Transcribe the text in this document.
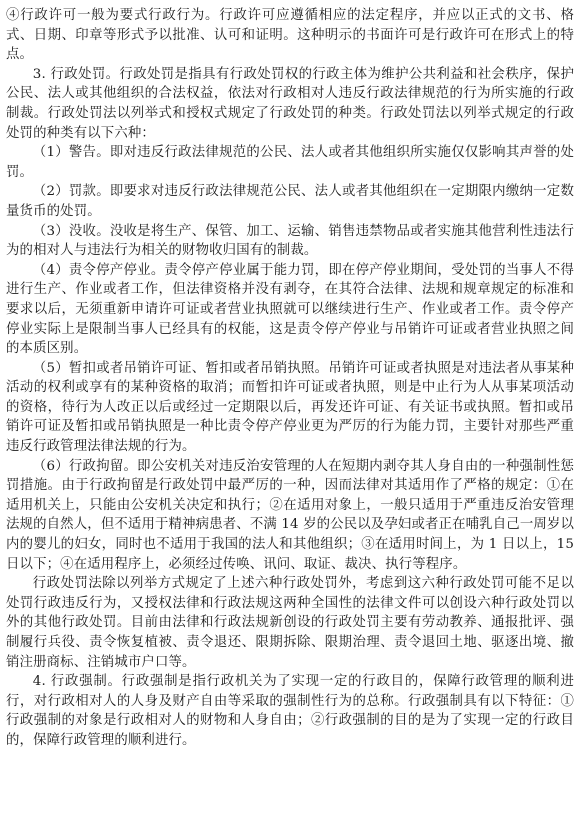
④行政许可一般为要式行政行为。行政许可应遵循相应的法定程序，并应以正式的文书、格式、日期、印章等形式予以批准、认可和证明。这种明示的书面许可是行政许可在形式上的特点。

3. 行政处罚。行政处罚是指具有行政处罚权的行政主体为维护公共利益和社会秩序，保护公民、法人或其他组织的合法权益，依法对行政相对人违反行政法律规范的行为所实施的行政制裁。行政处罚法以列举式和授权式规定了行政处罚的种类。行政处罚法以列举式规定的行政处罚的种类有以下六种：

（1）警告。即对违反行政法律规范的公民、法人或者其他组织所实施仅仅影响其声誉的处罚。

（2）罚款。即要求对违反行政法律规范公民、法人或者其他组织在一定期限内缴纳一定数量货币的处罚。

（3）没收。没收是将生产、保管、加工、运输、销售违禁物品或者实施其他营利性违法行为的相对人与违法行为相关的财物收归国有的制裁。

（4）责令停产停业。责令停产停业属于能力罚，即在停产停业期间，受处罚的当事人不得进行生产、作业或者工作，但法律资格并没有剥夺，在其符合法律、法规和规章规定的标准和要求以后，无须重新申请许可证或者营业执照就可以继续进行生产、作业或者工作。责令停产停业实际上是限制当事人已经具有的权能，这是责令停产停业与吊销许可证或者营业执照之间的本质区别。

（5）暂扣或者吊销许可证、暂扣或者吊销执照。吊销许可证或者执照是对违法者从事某种活动的权利或享有的某种资格的取消；而暂扣许可证或者执照，则是中止行为人从事某项活动的资格，待行为人改正以后或经过一定期限以后，再发还许可证、有关证书或执照。暂扣或吊销许可证及暂扣或吊销执照是一种比责令停产停业更为严厉的行为能力罚，主要针对那些严重违反行政管理法律法规的行为。

（6）行政拘留。即公安机关对违反治安管理的人在短期内剥夺其人身自由的一种强制性惩罚措施。由于行政拘留是行政处罚中最严厉的一种，因而法律对其适用作了严格的规定：①在适用机关上，只能由公安机关决定和执行；②在适用对象上，一般只适用于严重违反治安管理法规的自然人，但不适用于精神病患者、不满 14 岁的公民以及孕妇或者正在哺乳自己一周岁以内的婴儿的妇女，同时也不适用于我国的法人和其他组织；③在适用时间上，为 1 日以上，15 日以下；④在适用程序上，必须经过传唤、讯问、取证、裁决、执行等程序。

行政处罚法除以列举方式规定了上述六种行政处罚外，考虑到这六种行政处罚可能不足以处罚行政违反行为，又授权法律和行政法规这两种全国性的法律文件可以创设六种行政处罚以外的其他行政处罚。目前由法律和行政法规新创设的行政处罚主要有劳动教养、通报批评、强制履行兵役、责令恢复植被、责令退还、限期拆除、限期治理、责令退回土地、驱逐出境、撤销注册商标、注销城市户口等。

4. 行政强制。行政强制是指行政机关为了实现一定的行政目的，保障行政管理的顺利进行，对行政相对人的人身及财产自由等采取的强制性行为的总称。行政强制具有以下特征：①行政强制的对象是行政相对人的财物和人身自由；②行政强制的目的是为了实现一定的行政目的，保障行政管理的顺利进行。
